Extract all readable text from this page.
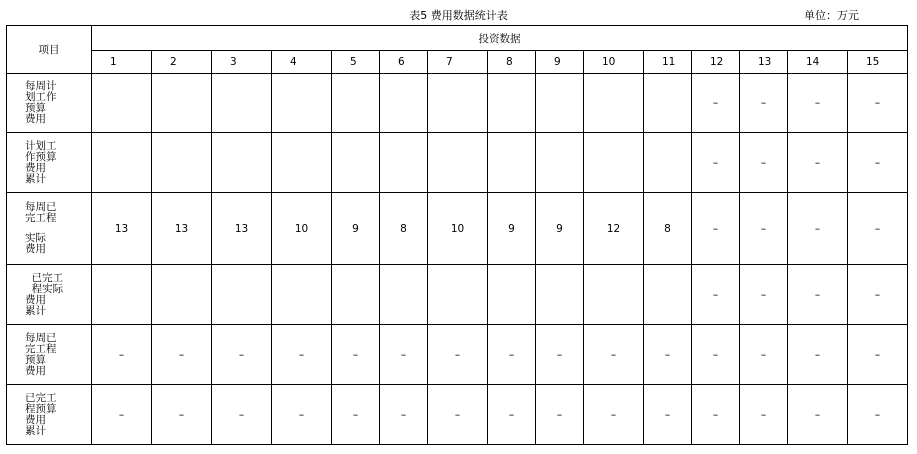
表5 费用数据统计表	单位：万元
项目	投资数据														
	1	2	3	4	5	6	7	8	9	10	11	12	13	14	15

每周计
划工作
预算
费用												–	–	–	–

计划工
作预算
费用
累计												–	–	–	–

每周已
完工程
实际
费用	13	13	13	10	9	8	10	9	9	12	8	–	–	–	–

已完工
程实际
费用
累计												–	–	–	–

每周已
完工程
预算
费用	–	–	–	–	–	–	–	–	–	–	–	–	–	–	–

已完工
程预算
费用
累计	–	–	–	–	–	–	–	–	–	–	–	–	–	–	–
